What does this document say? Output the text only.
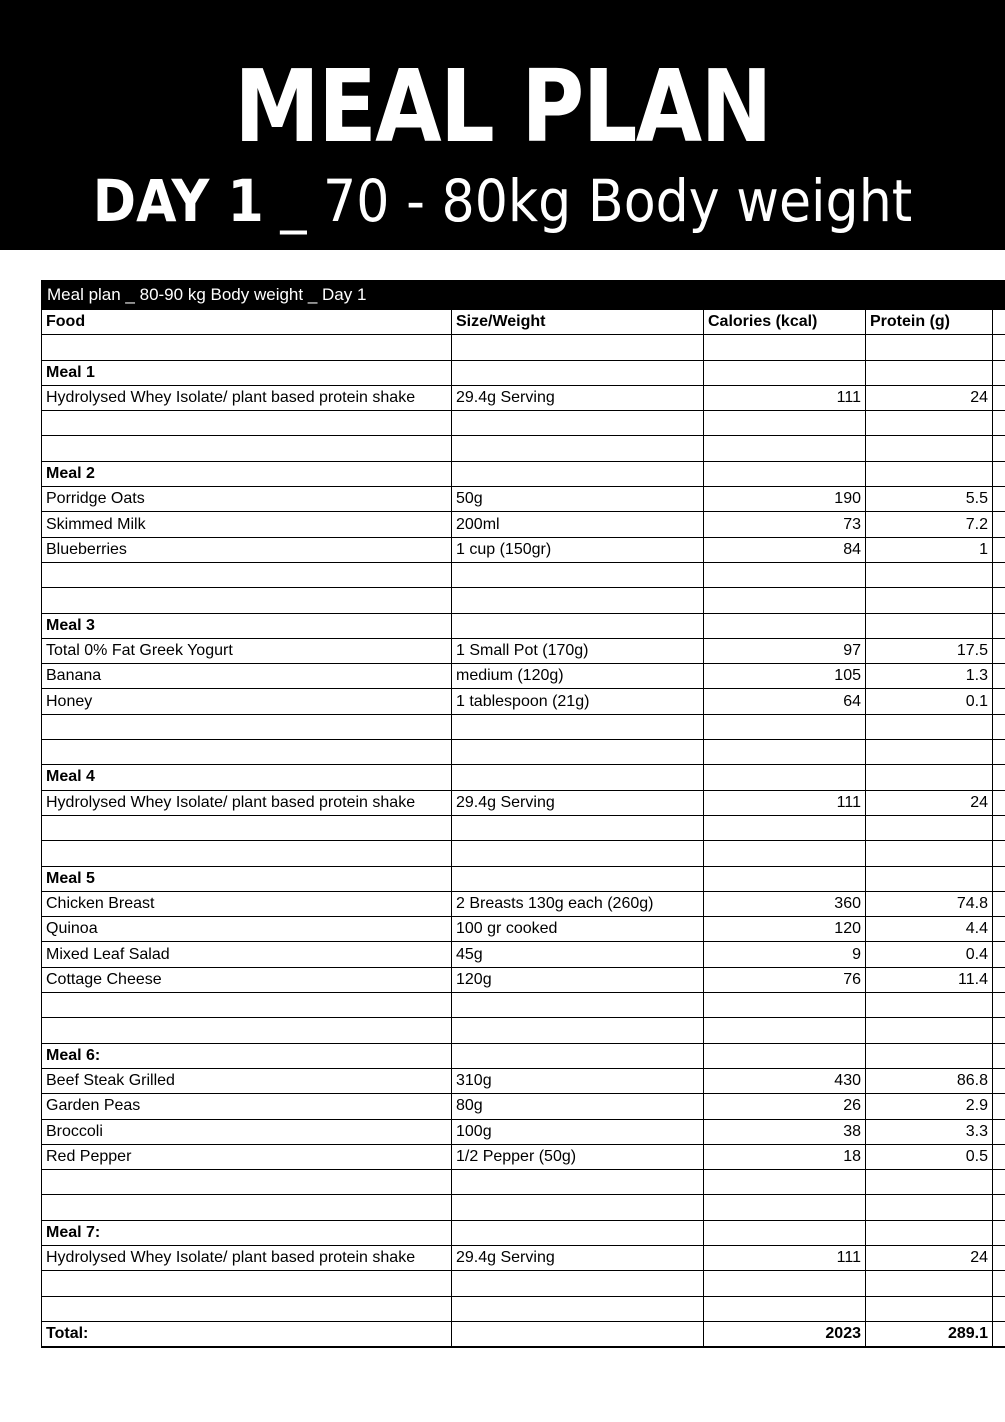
MEAL PLAN
DAY 1 _ 70 - 80kg Body weight
Meal plan _ 80-90 kg Body weight _ Day 1
Food	Size/Weight	Calories (kcal)	Protein (g)	

Meal 1				
Hydrolysed Whey Isolate/ plant based protein shake	29.4g Serving	111	24	

Meal 2				
Porridge Oats	50g	190	5.5	
Skimmed Milk	200ml	73	7.2	
Blueberries	1 cup (150gr)	84	1	

Meal 3				
Total 0% Fat Greek Yogurt	1 Small Pot (170g)	97	17.5	
Banana	medium (120g)	105	1.3	
Honey	1 tablespoon (21g)	64	0.1	

Meal 4				
Hydrolysed Whey Isolate/ plant based protein shake	29.4g Serving	111	24	

Meal 5				
Chicken Breast	2 Breasts 130g each (260g)	360	74.8	
Quinoa	100 gr cooked	120	4.4	
Mixed Leaf Salad	45g	9	0.4	
Cottage Cheese	120g	76	11.4	

Meal 6:				
Beef Steak Grilled	310g	430	86.8	
Garden Peas	80g	26	2.9	
Broccoli	100g	38	3.3	
Red Pepper	1/2 Pepper (50g)	18	0.5	

Meal 7:				
Hydrolysed Whey Isolate/ plant based protein shake	29.4g Serving	111	24	

Total:		2023	289.1	
